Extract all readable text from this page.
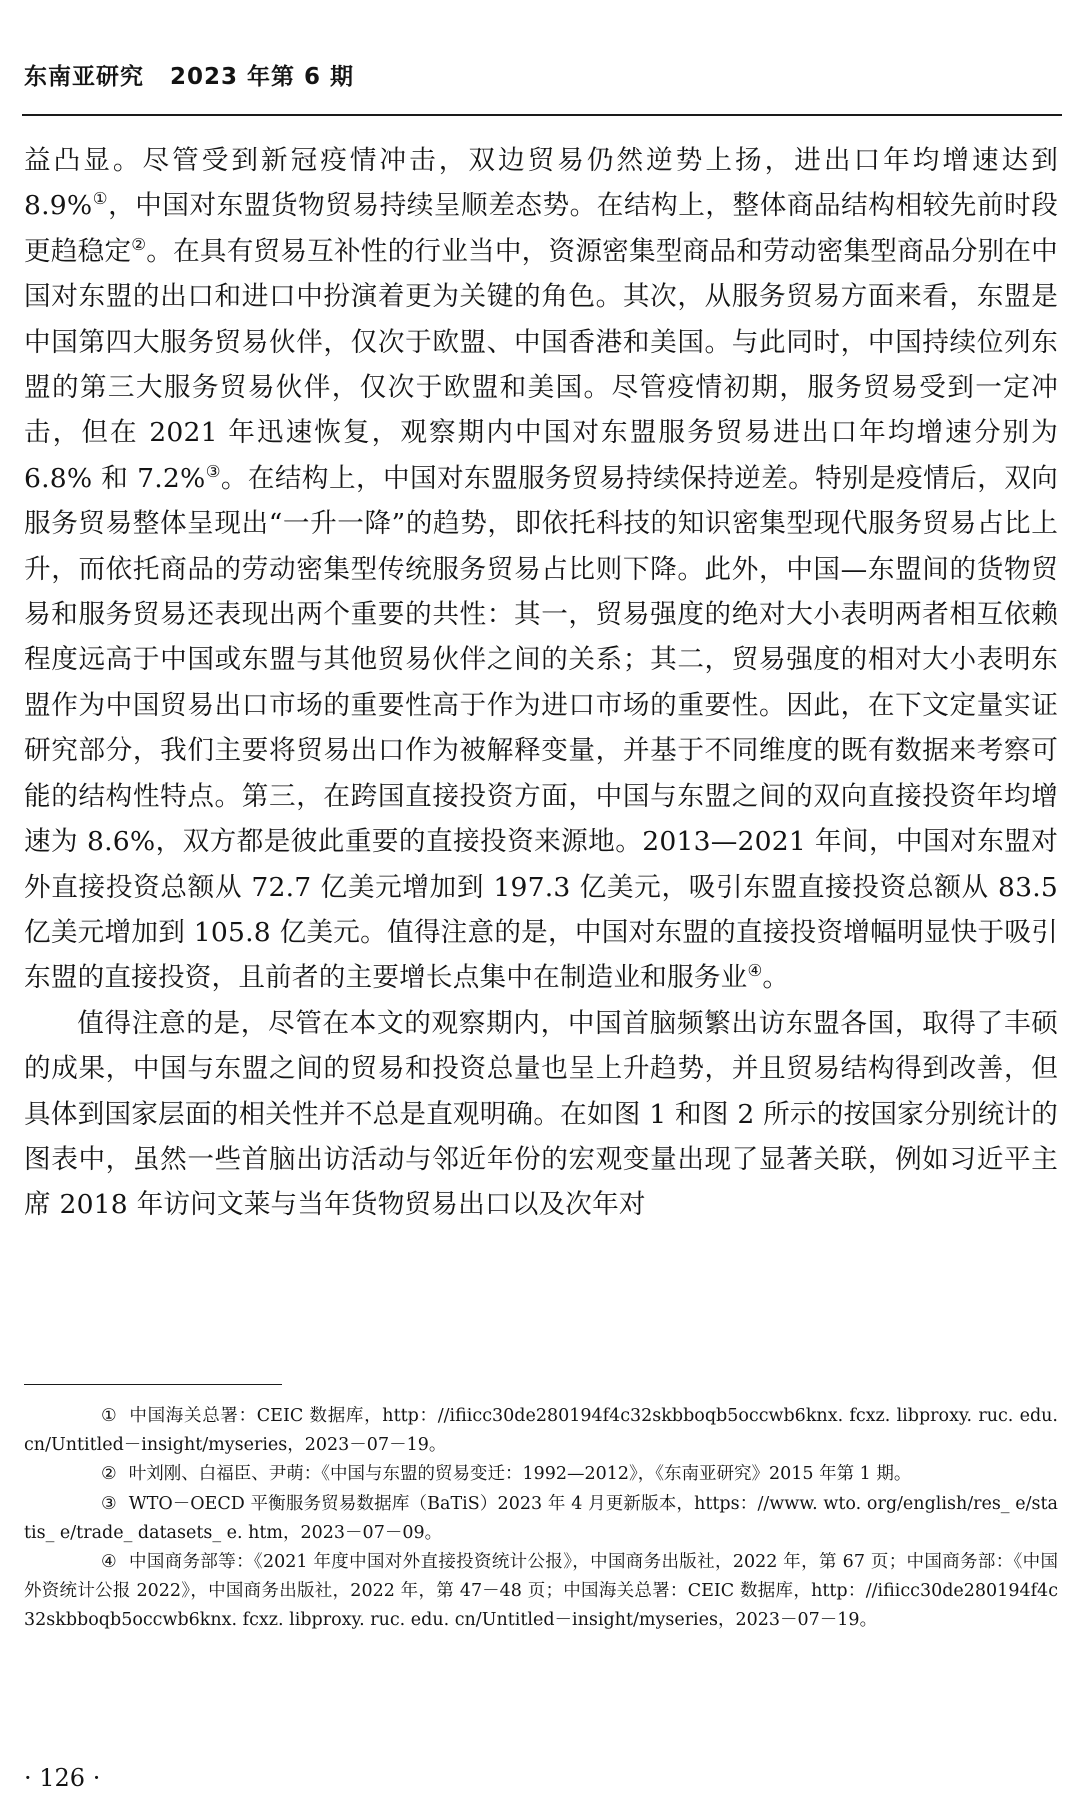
东南亚研究 2023 年第 6 期

益凸显。尽管受到新冠疫情冲击，双边贸易仍然逆势上扬，进出口年均增速达到 8.9%①，中国对东盟货物贸易持续呈顺差态势。在结构上，整体商品结构相较先前时段更趋稳定②。在具有贸易互补性的行业当中，资源密集型商品和劳动密集型商品分别在中国对东盟的出口和进口中扮演着更为关键的角色。其次，从服务贸易方面来看，东盟是中国第四大服务贸易伙伴，仅次于欧盟、中国香港和美国。与此同时，中国持续位列东盟的第三大服务贸易伙伴，仅次于欧盟和美国。尽管疫情初期，服务贸易受到一定冲击，但在 2021 年迅速恢复，观察期内中国对东盟服务贸易进出口年均增速分别为 6.8% 和 7.2%③。在结构上，中国对东盟服务贸易持续保持逆差。特别是疫情后，双向服务贸易整体呈现出“一升一降”的趋势，即依托科技的知识密集型现代服务贸易占比上升，而依托商品的劳动密集型传统服务贸易占比则下降。此外，中国—东盟间的货物贸易和服务贸易还表现出两个重要的共性：其一，贸易强度的绝对大小表明两者相互依赖程度远高于中国或东盟与其他贸易伙伴之间的关系；其二，贸易强度的相对大小表明东盟作为中国贸易出口市场的重要性高于作为进口市场的重要性。因此，在下文定量实证研究部分，我们主要将贸易出口作为被解释变量，并基于不同维度的既有数据来考察可能的结构性特点。第三，在跨国直接投资方面，中国与东盟之间的双向直接投资年均增速为 8.6%，双方都是彼此重要的直接投资来源地。2013—2021 年间，中国对东盟对外直接投资总额从 72.7 亿美元增加到 197.3 亿美元，吸引东盟直接投资总额从 83.5 亿美元增加到 105.8 亿美元。值得注意的是，中国对东盟的直接投资增幅明显快于吸引东盟的直接投资，且前者的主要增长点集中在制造业和服务业④。

值得注意的是，尽管在本文的观察期内，中国首脑频繁出访东盟各国，取得了丰硕的成果，中国与东盟之间的贸易和投资总量也呈上升趋势，并且贸易结构得到改善，但具体到国家层面的相关性并不总是直观明确。在如图 1 和图 2 所示的按国家分别统计的图表中，虽然一些首脑出访活动与邻近年份的宏观变量出现了显著关联，例如习近平主席 2018 年访问文莱与当年货物贸易出口以及次年对

① 中国海关总署：CEIC 数据库，http：//ifiicc30de280194f4c32skbboqb5occwb6knx. fcxz. libproxy. ruc. edu. cn/Untitled－insight/myseries，2023－07－19。

② 叶刘刚、白福臣、尹萌：《中国与东盟的贸易变迁：1992—2012》，《东南亚研究》2015 年第 1 期。

③ WTO－OECD 平衡服务贸易数据库（BaTiS）2023 年 4 月更新版本，https：//www. wto. org/english/res_ e/statis_ e/trade_ datasets_ e. htm，2023－07－09。

④ 中国商务部等：《2021 年度中国对外直接投资统计公报》，中国商务出版社，2022 年，第 67 页；中国商务部：《中国外资统计公报 2022》，中国商务出版社，2022 年，第 47－48 页；中国海关总署：CEIC 数据库，http：//ifiicc30de280194f4c32skbboqb5occwb6knx. fcxz. libproxy. ruc. edu. cn/Untitled－insight/myseries，2023－07－19。

· 126 ·
